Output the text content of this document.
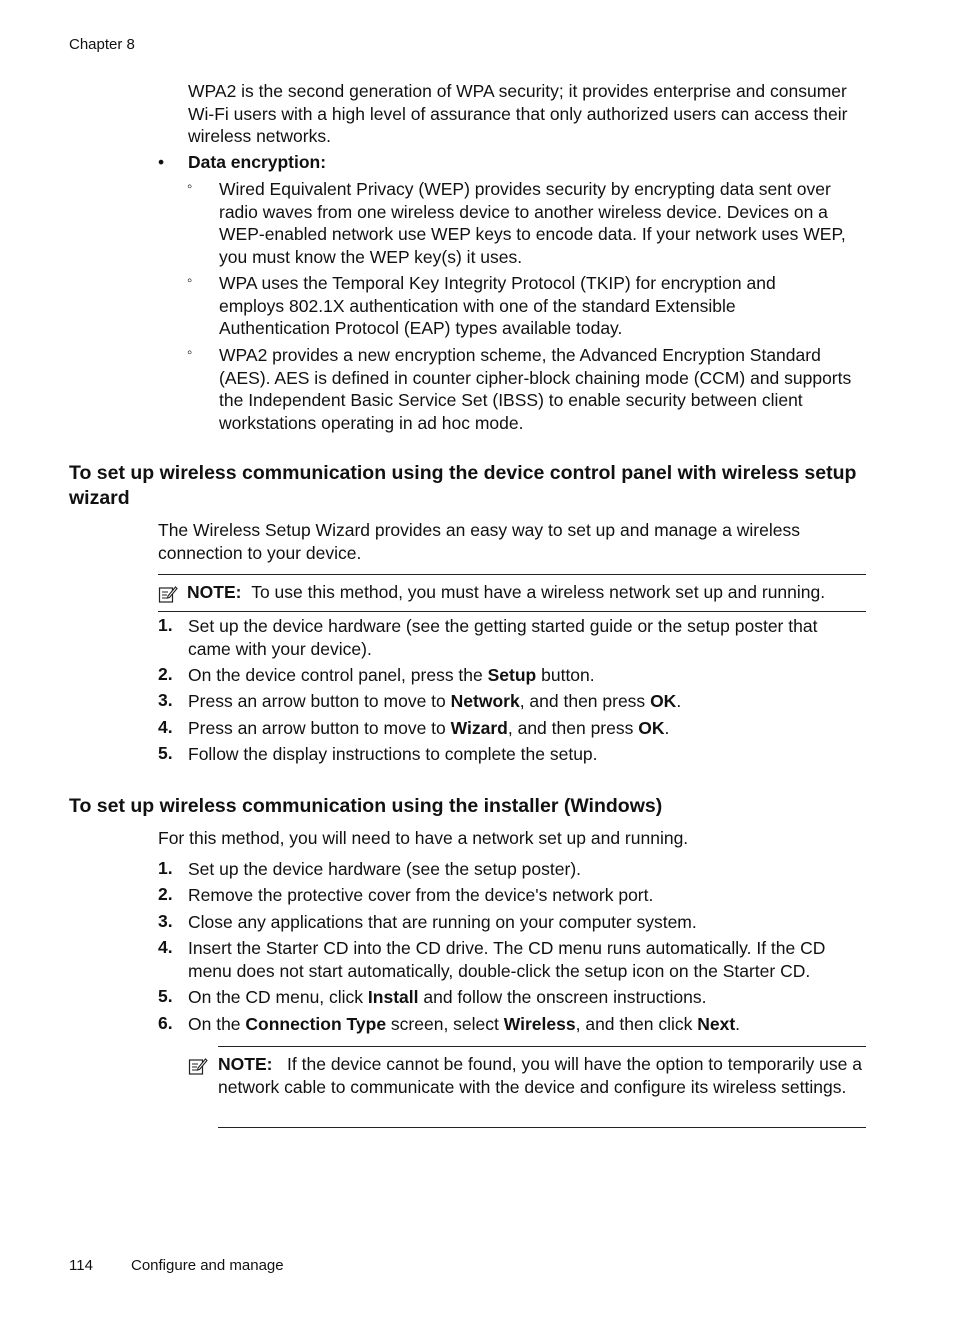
Chapter 8
WPA2 is the second generation of WPA security; it provides enterprise and consumer Wi-Fi users with a high level of assurance that only authorized users can access their wireless networks.
• Data encryption:
◦ Wired Equivalent Privacy (WEP) provides security by encrypting data sent over radio waves from one wireless device to another wireless device. Devices on a WEP-enabled network use WEP keys to encode data. If your network uses WEP, you must know the WEP key(s) it uses.
◦ WPA uses the Temporal Key Integrity Protocol (TKIP) for encryption and employs 802.1X authentication with one of the standard Extensible Authentication Protocol (EAP) types available today.
◦ WPA2 provides a new encryption scheme, the Advanced Encryption Standard (AES). AES is defined in counter cipher-block chaining mode (CCM) and supports the Independent Basic Service Set (IBSS) to enable security between client workstations operating in ad hoc mode.
To set up wireless communication using the device control panel with wireless setup wizard
The Wireless Setup Wizard provides an easy way to set up and manage a wireless connection to your device.
NOTE: To use this method, you must have a wireless network set up and running.
1. Set up the device hardware (see the getting started guide or the setup poster that came with your device).
2. On the device control panel, press the Setup button.
3. Press an arrow button to move to Network, and then press OK.
4. Press an arrow button to move to Wizard, and then press OK.
5. Follow the display instructions to complete the setup.
To set up wireless communication using the installer (Windows)
For this method, you will need to have a network set up and running.
1. Set up the device hardware (see the setup poster).
2. Remove the protective cover from the device's network port.
3. Close any applications that are running on your computer system.
4. Insert the Starter CD into the CD drive. The CD menu runs automatically. If the CD menu does not start automatically, double-click the setup icon on the Starter CD.
5. On the CD menu, click Install and follow the onscreen instructions.
6. On the Connection Type screen, select Wireless, and then click Next.
NOTE: If the device cannot be found, you will have the option to temporarily use a network cable to communicate with the device and configure its wireless settings.
114	Configure and manage
